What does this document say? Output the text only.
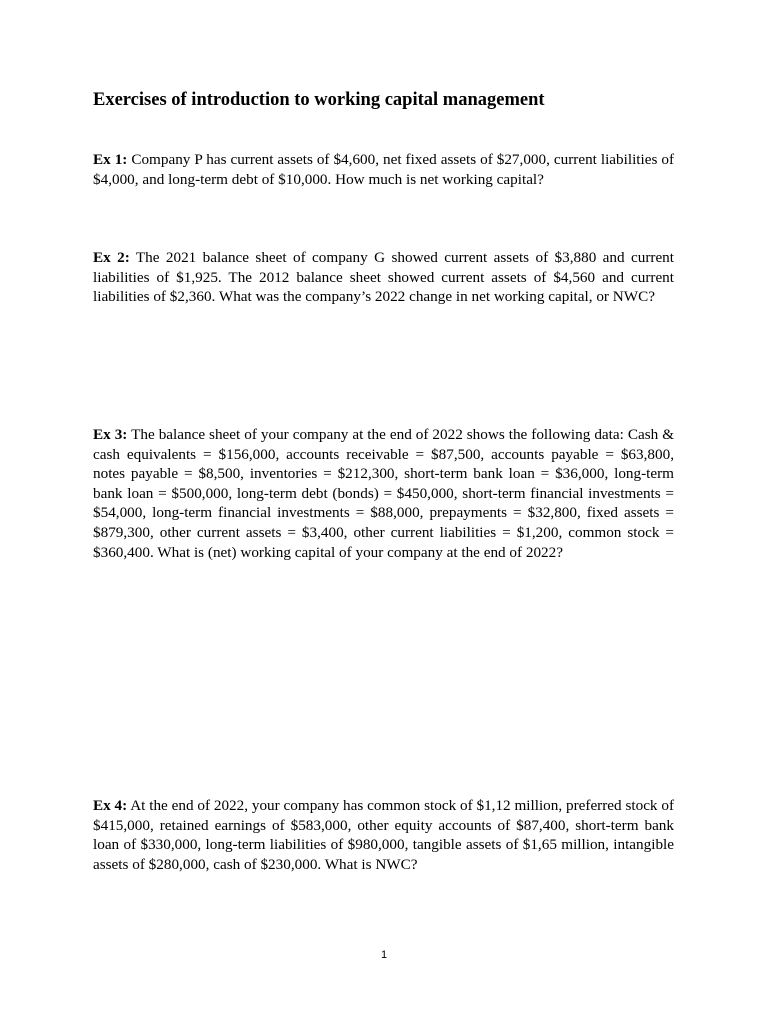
Exercises of introduction to working capital management

Ex 1: Company P has current assets of $4,600, net fixed assets of $27,000, current liabilities of $4,000, and long-term debt of $10,000. How much is net working capital?

Ex 2: The 2021 balance sheet of company G showed current assets of $3,880 and current liabilities of $1,925. The 2012 balance sheet showed current assets of $4,560 and current liabilities of $2,360. What was the company’s 2022 change in net working capital, or NWC?

Ex 3: The balance sheet of your company at the end of 2022 shows the following data: Cash & cash equivalents = $156,000, accounts receivable = $87,500, accounts payable = $63,800, notes payable = $8,500, inventories = $212,300, short-term bank loan = $36,000, long-term bank loan = $500,000, long-term debt (bonds) = $450,000, short-term financial investments = $54,000, long-term financial investments = $88,000, prepayments = $32,800, fixed assets = $879,300, other current assets = $3,400, other current liabilities = $1,200, common stock = $360,400. What is (net) working capital of your company at the end of 2022?

Ex 4: At the end of 2022, your company has common stock of $1,12 million, preferred stock of $415,000, retained earnings of $583,000, other equity accounts of $87,400, short-term bank loan of $330,000, long-term liabilities of $980,000, tangible assets of $1,65 million, intangible assets of $280,000, cash of $230,000. What is NWC?

1
